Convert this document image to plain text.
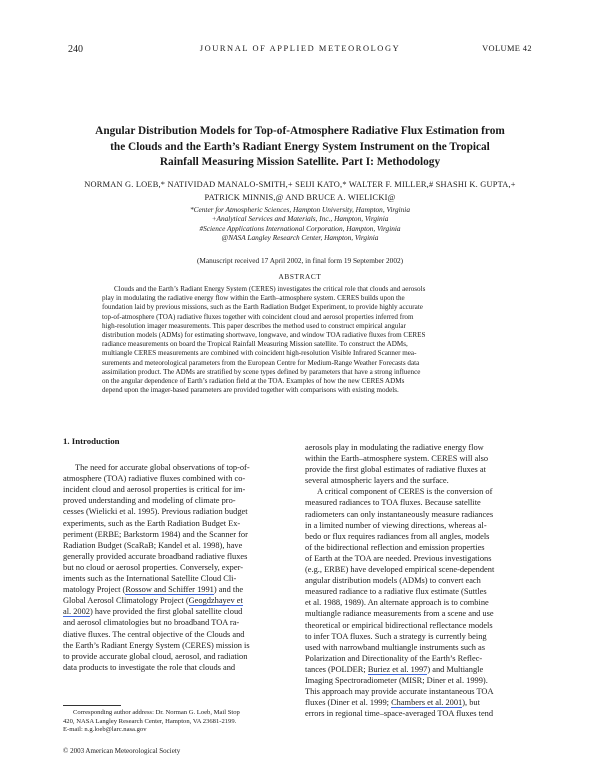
240	JOURNAL OF APPLIED METEOROLOGY	VOLUME 42
Angular Distribution Models for Top-of-Atmosphere Radiative Flux Estimation from
the Clouds and the Earth’s Radiant Energy System Instrument on the Tropical
Rainfall Measuring Mission Satellite. Part I: Methodology
NORMAN G. LOEB,* NATIVIDAD MANALO-SMITH,+ SEIJI KATO,* WALTER F. MILLER,# SHASHI K. GUPTA,+
PATRICK MINNIS,@ AND BRUCE A. WIELICKI@
*Center for Atmospheric Sciences, Hampton University, Hampton, Virginia
+Analytical Services and Materials, Inc., Hampton, Virginia
#Science Applications International Corporation, Hampton, Virginia
@NASA Langley Research Center, Hampton, Virginia
(Manuscript received 17 April 2002, in final form 19 September 2002)
ABSTRACT
Clouds and the Earth’s Radiant Energy System (CERES) investigates the critical role that clouds and aerosols
play in modulating the radiative energy flow within the Earth–atmosphere system. CERES builds upon the
foundation laid by previous missions, such as the Earth Radiation Budget Experiment, to provide highly accurate
top-of-atmosphere (TOA) radiative fluxes together with coincident cloud and aerosol properties inferred from
high-resolution imager measurements. This paper describes the method used to construct empirical angular
distribution models (ADMs) for estimating shortwave, longwave, and window TOA radiative fluxes from CERES
radiance measurements on board the Tropical Rainfall Measuring Mission satellite. To construct the ADMs,
multiangle CERES measurements are combined with coincident high-resolution Visible Infrared Scanner mea-
surements and meteorological parameters from the European Centre for Medium-Range Weather Forecasts data
assimilation product. The ADMs are stratified by scene types defined by parameters that have a strong influence
on the angular dependence of Earth’s radiation field at the TOA. Examples of how the new CERES ADMs
depend upon the imager-based parameters are provided together with comparisons with existing models.
1. Introduction
The need for accurate global observations of top-of-
atmosphere (TOA) radiative fluxes combined with co-
incident cloud and aerosol properties is critical for im-
proved understanding and modeling of climate pro-
cesses (Wielicki et al. 1995). Previous radiation budget
experiments, such as the Earth Radiation Budget Ex-
periment (ERBE; Barkstorm 1984) and the Scanner for
Radiation Budget (ScaRaB; Kandel et al. 1998), have
generally provided accurate broadband radiative fluxes
but no cloud or aerosol properties. Conversely, exper-
iments such as the International Satellite Cloud Cli-
matology Project (Rossow and Schiffer 1991) and the
Global Aerosol Climatology Project (Geogdzhayev et
al. 2002) have provided the first global satellite cloud
and aerosol climatologies but no broadband TOA ra-
diative fluxes. The central objective of the Clouds and
the Earth’s Radiant Energy System (CERES) mission is
to provide accurate global cloud, aerosol, and radiation
data products to investigate the role that clouds and
aerosols play in modulating the radiative energy flow
within the Earth–atmosphere system. CERES will also
provide the first global estimates of radiative fluxes at
several atmospheric layers and the surface.
A critical component of CERES is the conversion of
measured radiances to TOA fluxes. Because satellite
radiometers can only instantaneously measure radiances
in a limited number of viewing directions, whereas al-
bedo or flux requires radiances from all angles, models
of the bidirectional reflection and emission properties
of Earth at the TOA are needed. Previous investigations
(e.g., ERBE) have developed empirical scene-dependent
angular distribution models (ADMs) to convert each
measured radiance to a radiative flux estimate (Suttles
et al. 1988, 1989). An alternate approach is to combine
multiangle radiance measurements from a scene and use
theoretical or empirical bidirectional reflectance models
to infer TOA fluxes. Such a strategy is currently being
used with narrowband multiangle instruments such as
Polarization and Directionality of the Earth’s Reflec-
tances (POLDER; Buriez et al. 1997) and Multiangle
Imaging Spectroradiometer (MISR; Diner et al. 1999).
This approach may provide accurate instantaneous TOA
fluxes (Diner et al. 1999; Chambers et al. 2001), but
errors in regional time–space-averaged TOA fluxes tend
Corresponding author address: Dr. Norman G. Loeb, Mail Stop
420, NASA Langley Research Center, Hampton, VA 23681-2199.
E-mail: n.g.loeb@larc.nasa.gov
© 2003 American Meteorological Society
